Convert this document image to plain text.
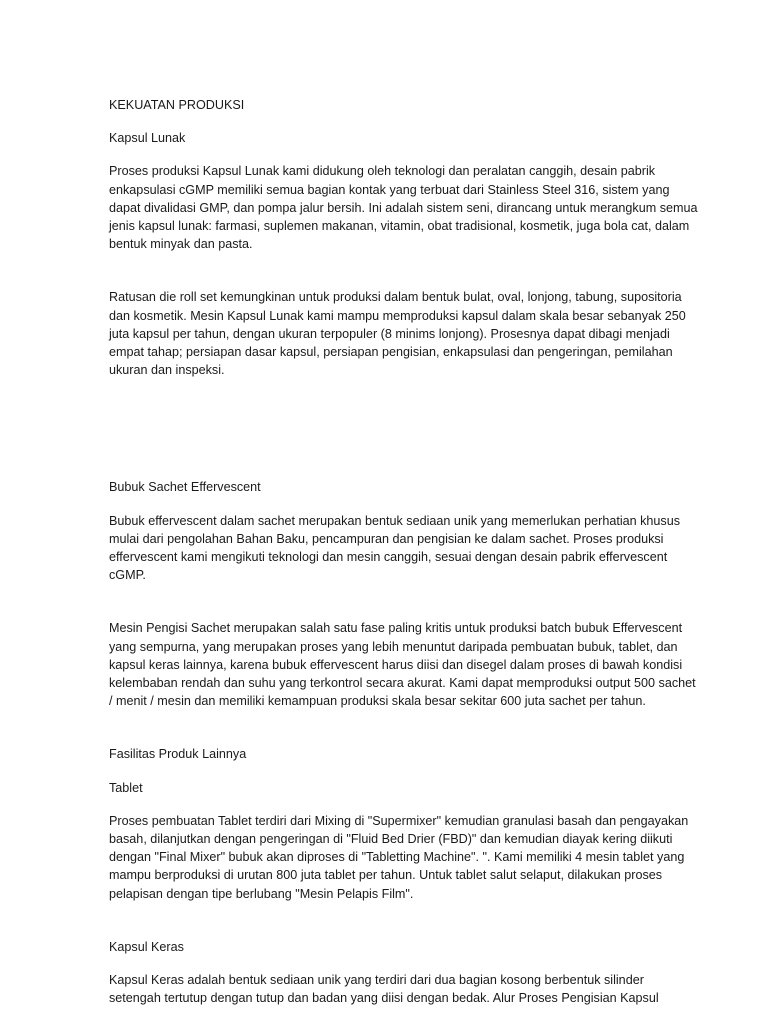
KEKUATAN PRODUKSI

Kapsul Lunak

Proses produksi Kapsul Lunak kami didukung oleh teknologi dan peralatan canggih, desain pabrik enkapsulasi cGMP memiliki semua bagian kontak yang terbuat dari Stainless Steel 316, sistem yang dapat divalidasi GMP, dan pompa jalur bersih. Ini adalah sistem seni, dirancang untuk merangkum semua jenis kapsul lunak: farmasi, suplemen makanan, vitamin, obat tradisional, kosmetik, juga bola cat, dalam bentuk minyak dan pasta.

Ratusan die roll set kemungkinan untuk produksi dalam bentuk bulat, oval, lonjong, tabung, supositoria dan kosmetik. Mesin Kapsul Lunak kami mampu memproduksi kapsul dalam skala besar sebanyak 250 juta kapsul per tahun, dengan ukuran terpopuler (8 minims lonjong). Prosesnya dapat dibagi menjadi empat tahap; persiapan dasar kapsul, persiapan pengisian, enkapsulasi dan pengeringan, pemilahan ukuran dan inspeksi.

Bubuk Sachet Effervescent

Bubuk effervescent dalam sachet merupakan bentuk sediaan unik yang memerlukan perhatian khusus mulai dari pengolahan Bahan Baku, pencampuran dan pengisian ke dalam sachet. Proses produksi effervescent kami mengikuti teknologi dan mesin canggih, sesuai dengan desain pabrik effervescent cGMP.

Mesin Pengisi Sachet merupakan salah satu fase paling kritis untuk produksi batch bubuk Effervescent yang sempurna, yang merupakan proses yang lebih menuntut daripada pembuatan bubuk, tablet, dan kapsul keras lainnya, karena bubuk effervescent harus diisi dan disegel dalam proses di bawah kondisi kelembaban rendah dan suhu yang terkontrol secara akurat. Kami dapat memproduksi output 500 sachet / menit / mesin dan memiliki kemampuan produksi skala besar sekitar 600 juta sachet per tahun.

Fasilitas Produk Lainnya

Tablet

Proses pembuatan Tablet terdiri dari Mixing di "Supermixer" kemudian granulasi basah dan pengayakan basah, dilanjutkan dengan pengeringan di "Fluid Bed Drier (FBD)" dan kemudian diayak kering diikuti dengan "Final Mixer" bubuk akan diproses di "Tabletting Machine". ". Kami memiliki 4 mesin tablet yang mampu berproduksi di urutan 800 juta tablet per tahun. Untuk tablet salut selaput, dilakukan proses pelapisan dengan tipe berlubang "Mesin Pelapis Film".

Kapsul Keras

Kapsul Keras adalah bentuk sediaan unik yang terdiri dari dua bagian kosong berbentuk silinder setengah tertutup dengan tutup dan badan yang diisi dengan bedak. Alur Proses Pengisian Kapsul
